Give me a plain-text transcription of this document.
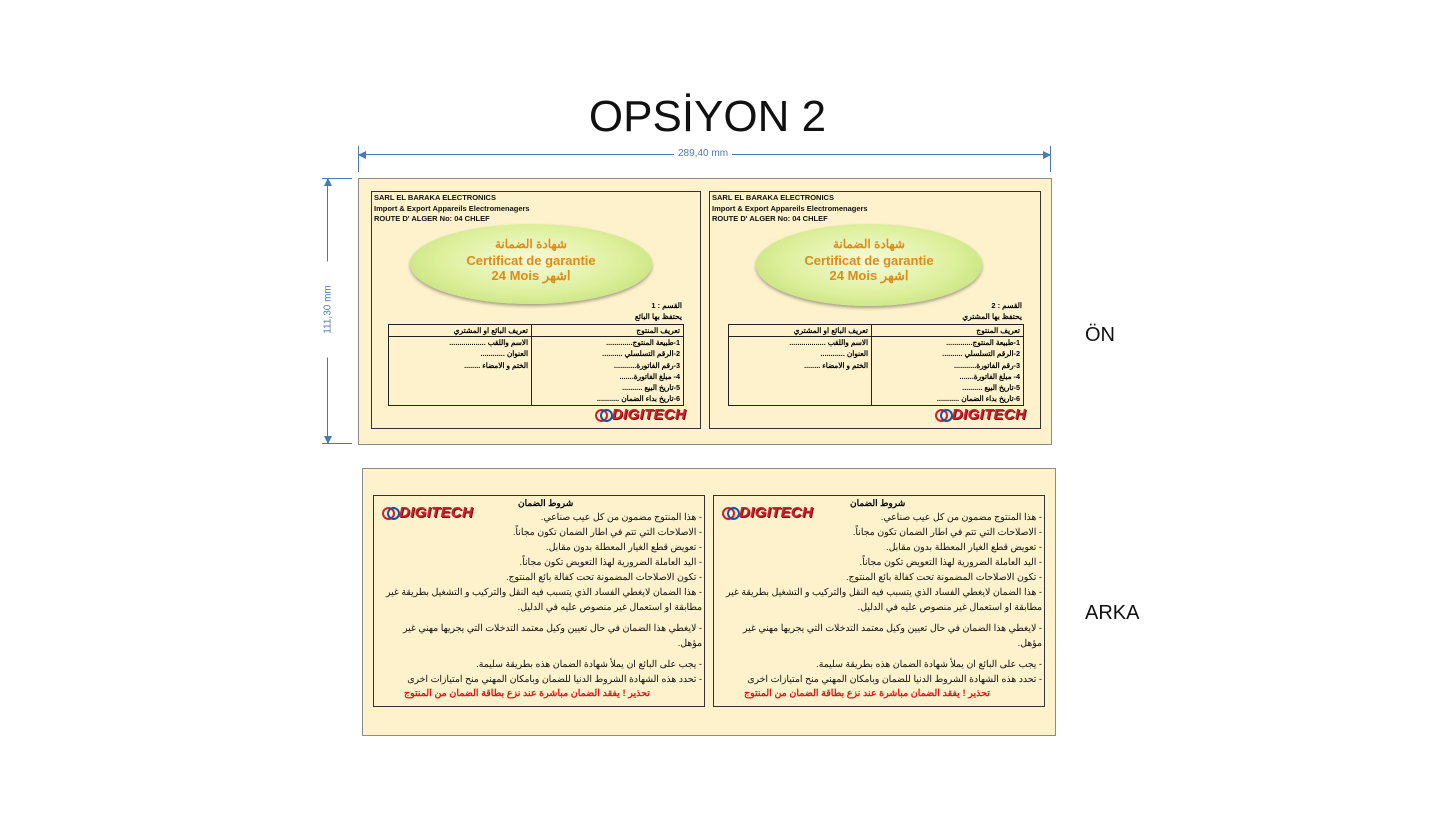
OPSİYON 2
289,40 mm
111,30 mm
SARL EL BARAKA ELECTRONICS
Import & Export Appareils Electromenagers
ROUTE D' ALGER No: 04 CHLEF
شهادة الضمانة
Certificat de garantie
24 Mois اشهر
القسم : 1
يحتفظ بها البائع
تعريف المنتوج
1-طبيعة المنتوج.............
2-الرقم التسلسلي ..........
3-رقم الفاتورة...........
4- مبلغ الفاتورة.......
5-تاريخ البيع ..........
6-تاريخ بداء الضمان ...........
تعريف البائع او المشتري
الاسم واللقب ..................
العنوان ............
الختم و الامضاء ........
DIGITECH
SARL EL BARAKA ELECTRONICS
Import & Export Appareils Electromenagers
ROUTE D' ALGER No: 04 CHLEF
شهادة الضمانة
Certificat de garantie
24 Mois اشهر
القسم : 2
يحتفظ بها المشتري
تعريف المنتوج
1-طبيعة المنتوج.............
2-الرقم التسلسلي ..........
3-رقم الفاتورة...........
4- مبلغ الفاتورة.......
5-تاريخ البيع ..........
6-تاريخ بداء الضمان ...........
تعريف البائع او المشتري
الاسم واللقب ..................
العنوان ............
الختم و الامضاء ........
DIGITECH
ÖN
DIGITECH
شروط الضمان
- هذا المنتوج مضمون من كل عيب صناعي.
- الاصلاحات التي تتم في اطار الضمان تكون مجاناً.
- تعويض قطع الغيار المعطلة بدون مقابل.
- اليد العاملة الضرورية لهذا التعويض تكون مجاناً.
- تكون الاصلاحات المضمونة تحت كفالة بائع المنتوج.
- هذا الضمان لايغطي الفساد الذي يتسبب فيه النقل والتركيب و التشغيل بطريقة غير مطابقة او استعمال غير منصوص عليه في الدليل.
- لايغطي هذا الضمان في حال تعيين وكيل معتمد التدخلات التي يجريها مهني غير مؤهل.
- يجب على البائع ان يملأ شهادة الضمان هذه بطريقة سليمة.
- تحدد هذه الشهادة الشروط الدنيا للضمان وبامكان المهني منح امتيازات اخرى
تحذير ! يفقد الضمان مباشرة عند نزع بطاقة الضمان من المنتوج
DIGITECH
شروط الضمان
- هذا المنتوج مضمون من كل عيب صناعي.
- الاصلاحات التي تتم في اطار الضمان تكون مجاناً.
- تعويض قطع الغيار المعطلة بدون مقابل.
- اليد العاملة الضرورية لهذا التعويض تكون مجاناً.
- تكون الاصلاحات المضمونة تحت كفالة بائع المنتوج.
- هذا الضمان لايغطي الفساد الذي يتسبب فيه النقل والتركيب و التشغيل بطريقة غير مطابقة او استعمال غير منصوص عليه في الدليل.
- لايغطي هذا الضمان في حال تعيين وكيل معتمد التدخلات التي يجريها مهني غير مؤهل.
- يجب على البائع ان يملأ شهادة الضمان هذه بطريقة سليمة.
- تحدد هذه الشهادة الشروط الدنيا للضمان وبامكان المهني منح امتيازات اخرى
تحذير ! يفقد الضمان مباشرة عند نزع بطاقة الضمان من المنتوج
ARKA
